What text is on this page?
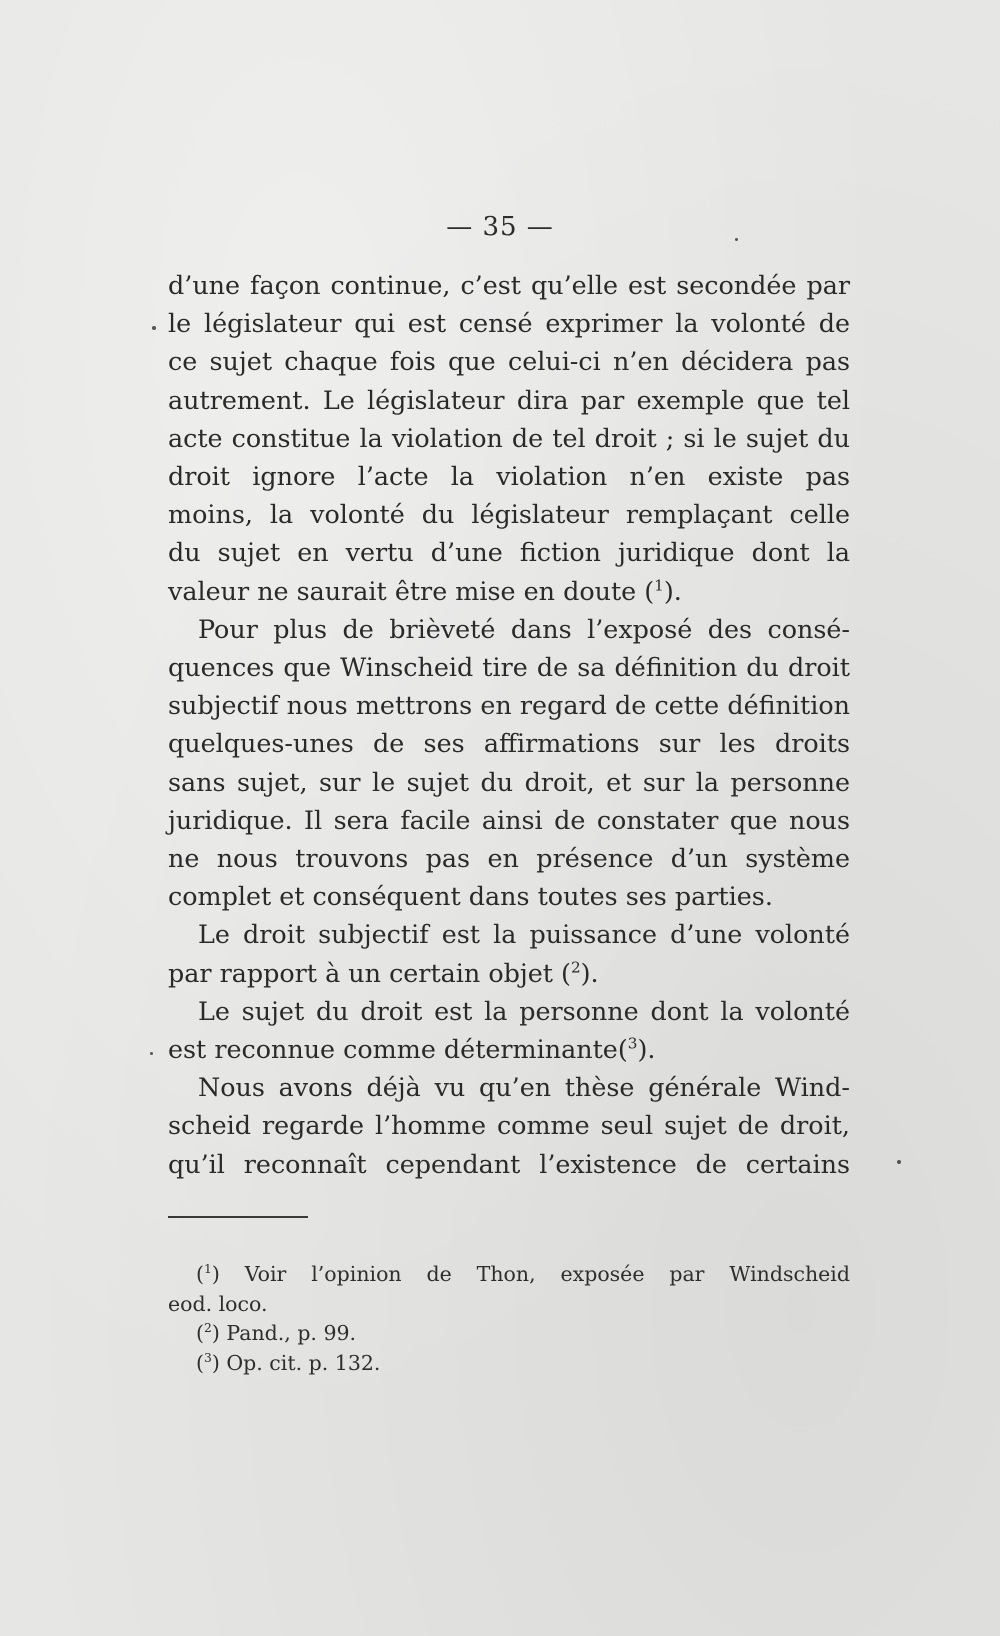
— 35 —

d’une façon continue, c’est qu’elle est secondée par

le législateur qui est censé exprimer la volonté de

ce sujet chaque fois que celui-ci n’en décidera pas

autrement. Le législateur dira par exemple que tel

acte constitue la violation de tel droit ; si le sujet du

droit ignore l’acte la violation n’en existe pas

moins, la volonté du législateur remplaçant celle

du sujet en vertu d’une fiction juridique dont la

valeur ne saurait être mise en doute ($^1$).

Pour plus de brièveté dans l’exposé des consé-

quences que Winscheid tire de sa définition du droit

subjectif nous mettrons en regard de cette définition

quelques-unes de ses affirmations sur les droits

sans sujet, sur le sujet du droit, et sur la personne

juridique. Il sera facile ainsi de constater que nous

ne nous trouvons pas en présence d’un système

complet et conséquent dans toutes ses parties.

Le droit subjectif est la puissance d’une volonté

par rapport à un certain objet ($^2$).

Le sujet du droit est la personne dont la volonté

est reconnue comme déterminante($^3$).

Nous avons déjà vu qu’en thèse générale Wind-

scheid regarde l’homme comme seul sujet de droit,

qu’il reconnaît cependant l’existence de certains

($^1$) Voir l’opinion de Thon, exposée par Windscheid
eod. loco.

($^2$) Pand., p. 99.

($^3$) Op. cit. p. 132.
